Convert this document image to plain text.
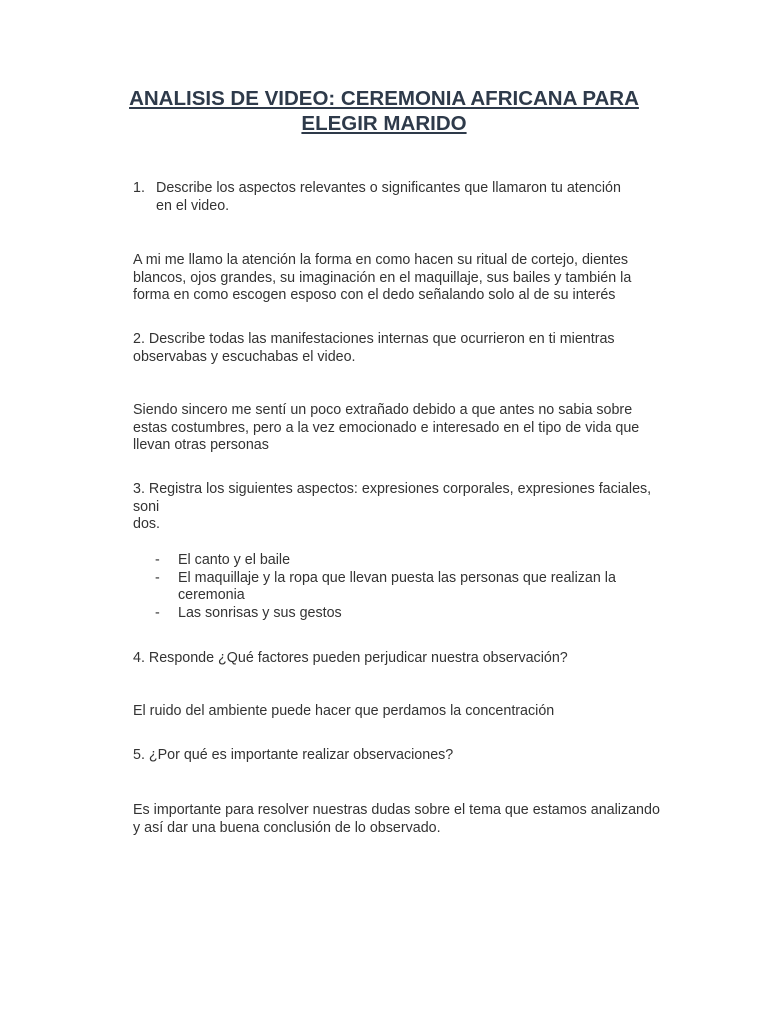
ANALISIS DE VIDEO: CEREMONIA AFRICANA PARA
ELEGIR MARIDO
1. Describe los aspectos relevantes o significantes que llamaron tu atención en el video.
A mi me llamo la atención la forma en como hacen su ritual de cortejo, dientes blancos, ojos grandes, su imaginación en el maquillaje, sus bailes y también la forma en como escogen esposo con el dedo señalando solo al de su interés
2. Describe todas las manifestaciones internas que ocurrieron en ti mientras observabas y escuchabas el video.
Siendo sincero me sentí un poco extrañado debido a que antes no sabia sobre estas costumbres, pero a la vez emocionado e interesado en el tipo de vida que llevan otras personas
3. Registra los siguientes aspectos: expresiones corporales, expresiones faciales, soni
dos.
- El canto y el baile
- El maquillaje y la ropa que llevan puesta las personas que realizan la ceremonia
- Las sonrisas y sus gestos
4. Responde ¿Qué factores pueden perjudicar nuestra observación?
El ruido del ambiente puede hacer que perdamos la concentración
5. ¿Por qué es importante realizar observaciones?
Es importante para resolver nuestras dudas sobre el tema que estamos analizando y así dar una buena conclusión de lo observado.
